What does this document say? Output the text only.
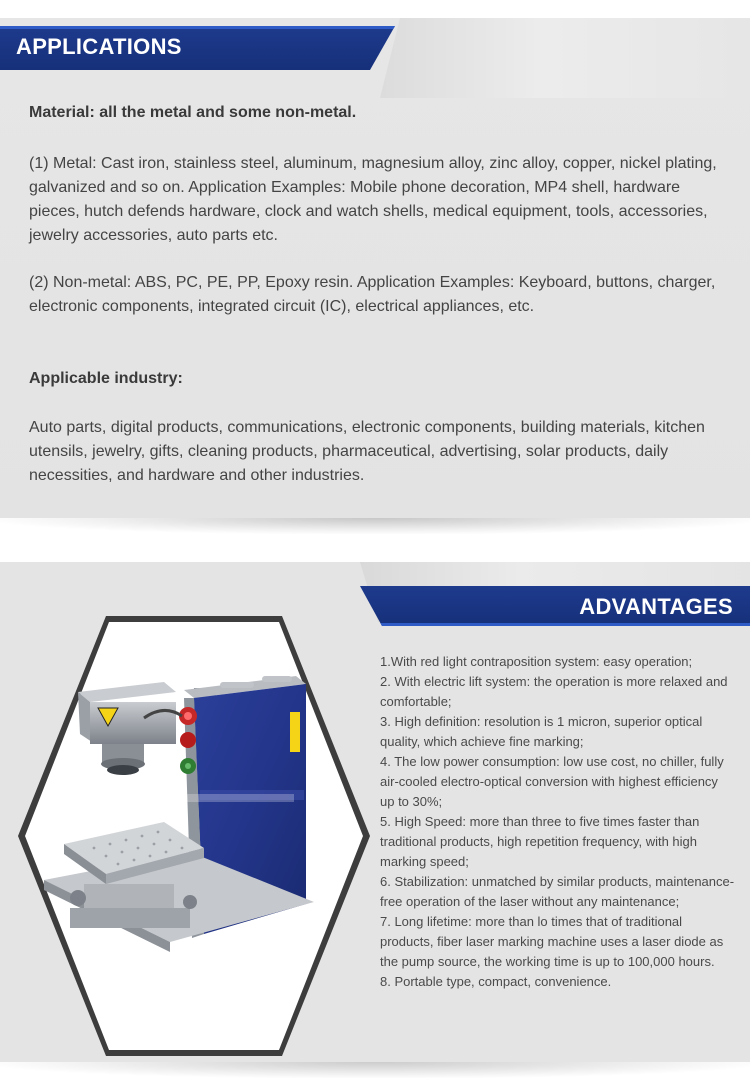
APPLICATIONS
Material: all the metal and some non-metal.
(1) Metal: Cast iron, stainless steel, aluminum, magnesium alloy, zinc alloy, copper, nickel plating, galvanized and so on. Application Examples: Mobile phone decoration, MP4 shell, hardware pieces, hutch defends hardware, clock and watch shells, medical equipment, tools, accessories, jewelry accessories, auto parts etc.
(2) Non-metal: ABS, PC, PE, PP, Epoxy resin. Application Examples: Keyboard, buttons, charger, electronic components, integrated circuit (IC), electrical appliances, etc.
Applicable industry:
Auto parts, digital products, communications, electronic components, building materials, kitchen utensils, jewelry, gifts, cleaning products, pharmaceutical, advertising, solar products, daily necessities, and hardware and other industries.
ADVANTAGES
1.With red light contraposition system: easy operation;
2. With electric lift system: the operation is more relaxed and comfortable;
3. High definition: resolution is 1 micron, superior optical quality, which achieve fine marking;
4. The low power consumption: low use cost, no chiller, fully air-cooled electro-optical conversion with highest efficiency up to 30%;
5. High Speed: more than three to five times faster than traditional products, high repetition frequency, with high marking speed;
6. Stabilization: unmatched by similar products, maintenance-free operation of the laser without any maintenance;
7. Long lifetime: more than lo times that of traditional products, fiber laser marking machine uses a laser diode as the pump source, the working time is up to 100,000 hours.
8. Portable type, compact, convenience.
